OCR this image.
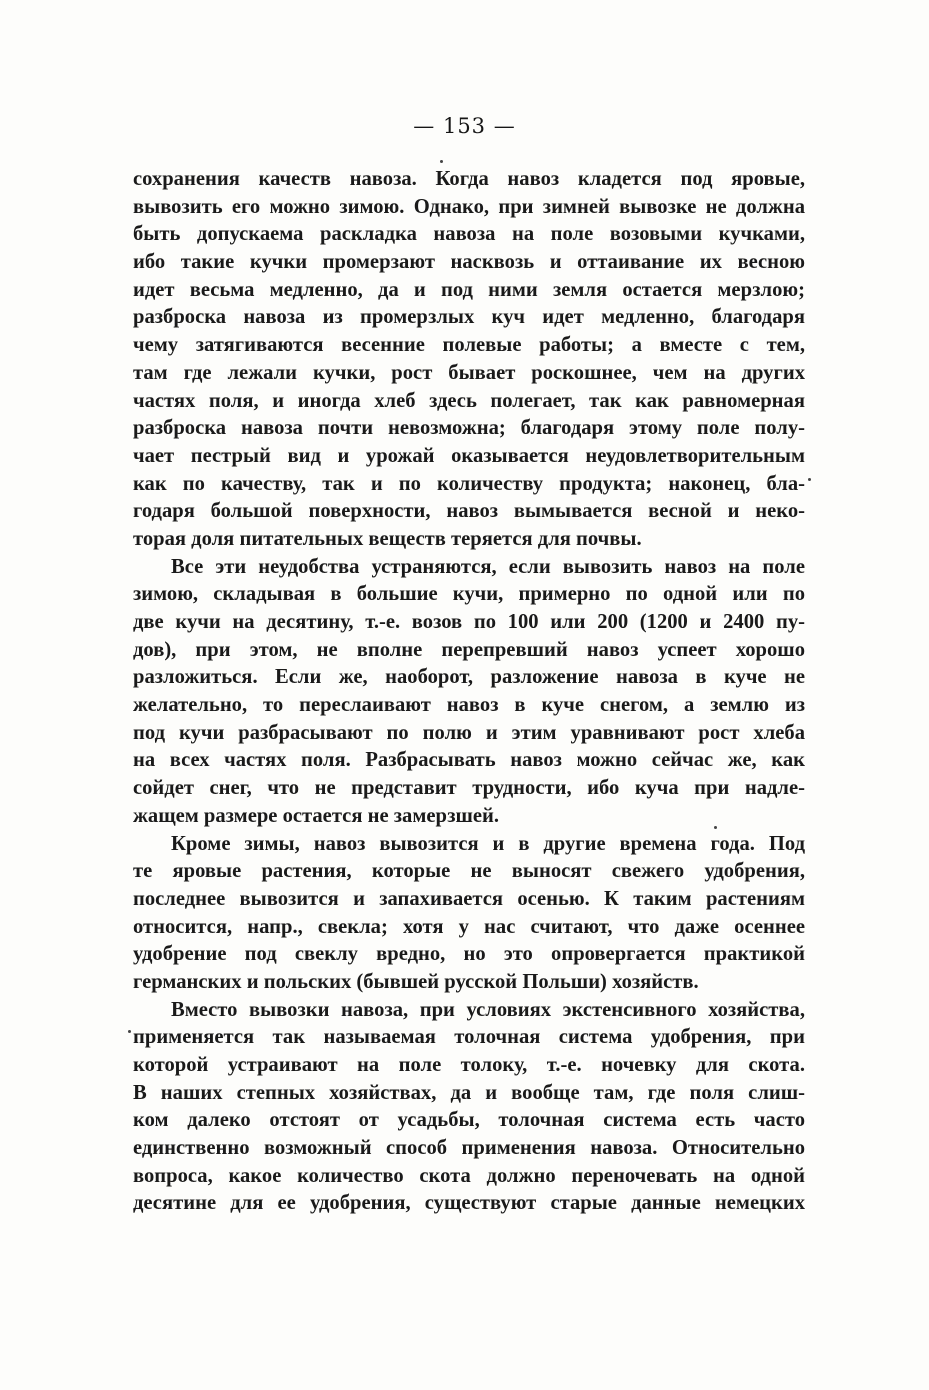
— 153 —
сохранения качеств навоза. Когда навоз кладется под яровые,
вывозить его можно зимою. Однако, при зимней вывозке не должна
быть допускаема раскладка навоза на поле возовыми кучками,
ибо такие кучки промерзают насквозь и оттаивание их весною
идет весьма медленно, да и под ними земля остается мерзлою;
разброска навоза из промерзлых куч идет медленно, благодаря
чему затягиваются весенние полевые работы; а вместе с тем,
там где лежали кучки, рост бывает роскошнее, чем на других
частях поля, и иногда хлеб здесь полегает, так как равномерная
разброска навоза почти невозможна; благодаря этому поле полу-
чает пестрый вид и урожай оказывается неудовлетворительным
как по качеству, так и по количеству продукта; наконец, бла-
годаря большой поверхности, навоз вымывается весной и неко-
торая доля питательных веществ теряется для почвы.
Все эти неудобства устраняются, если вывозить навоз на поле
зимою, складывая в большие кучи, примерно по одной или по
две кучи на десятину, т.-е. возов по 100 или 200 (1200 и 2400 пу-
дов), при этом, не вполне перепревший навоз успеет хорошо
разложиться. Если же, наоборот, разложение навоза в куче не
желательно, то переслаивают навоз в куче снегом, а землю из
под кучи разбрасывают по полю и этим уравнивают рост хлеба
на всех частях поля. Разбрасывать навоз можно сейчас же, как
сойдет снег, что не представит трудности, ибо куча при надле-
жащем размере остается не замерзшей.
Кроме зимы, навоз вывозится и в другие времена года. Под
те яровые растения, которые не выносят свежего удобрения,
последнее вывозится и запахивается осенью. К таким растениям
относится, напр., свекла; хотя у нас считают, что даже осеннее
удобрение под свеклу вредно, но это опровергается практикой
германских и польских (бывшей русской Польши) хозяйств.
Вместо вывозки навоза, при условиях экстенсивного хозяйства,
применяется так называемая толочная система удобрения, при
которой устраивают на поле толоку, т.-е. ночевку для скота.
В наших степных хозяйствах, да и вообще там, где поля слиш-
ком далеко отстоят от усадьбы, толочная система есть часто
единственно возможный способ применения навоза. Относительно
вопроса, какое количество скота должно переночевать на одной
десятине для ее удобрения, существуют старые данные немецких
